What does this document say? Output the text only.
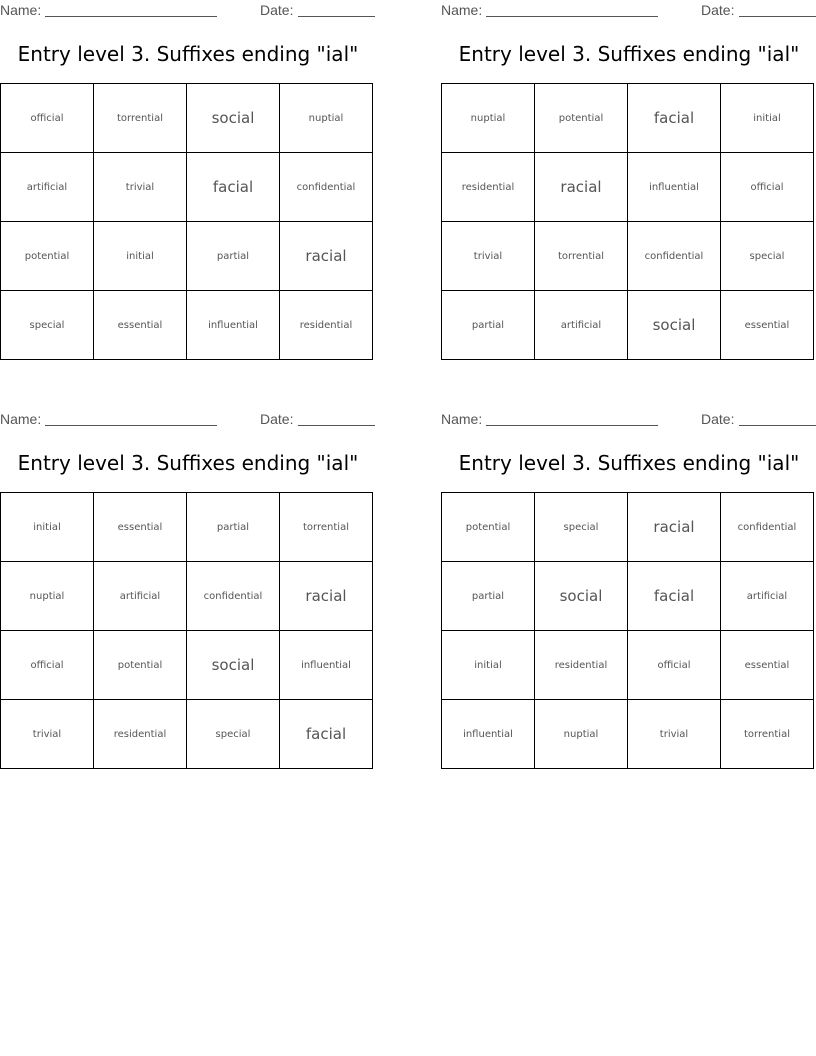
Name:	Date:
Entry level 3. Suffixes ending "ial"
official	torrential	social	nuptial
artificial	trivial	facial	confidential
potential	initial	partial	racial
special	essential	influential	residential
Name:	Date:
Entry level 3. Suffixes ending "ial"
nuptial	potential	facial	initial
residential	racial	influential	official
trivial	torrential	confidential	special
partial	artificial	social	essential
Name:	Date:
Entry level 3. Suffixes ending "ial"
initial	essential	partial	torrential
nuptial	artificial	confidential	racial
official	potential	social	influential
trivial	residential	special	facial
Name:	Date:
Entry level 3. Suffixes ending "ial"
potential	special	racial	confidential
partial	social	facial	artificial
initial	residential	official	essential
influential	nuptial	trivial	torrential
